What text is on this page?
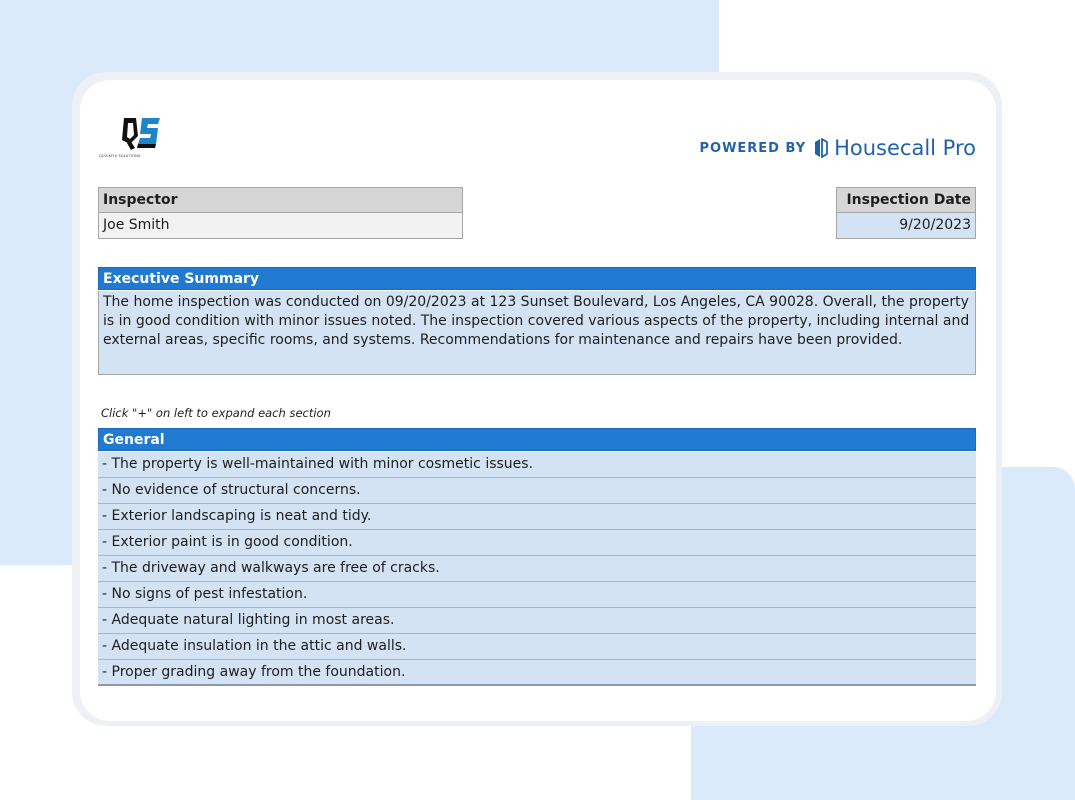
QUICKFIX SOLUTIONS
POWERED BY Housecall Pro
Inspector
Joe Smith
Inspection Date
9/20/2023
Executive Summary
The home inspection was conducted on 09/20/2023 at 123 Sunset Boulevard, Los Angeles, CA 90028. Overall, the property is in good condition with minor issues noted. The inspection covered various aspects of the property, including internal and external areas, specific rooms, and systems. Recommendations for maintenance and repairs have been provided.
Click "+" on left to expand each section
General
- The property is well-maintained with minor cosmetic issues.
- No evidence of structural concerns.
- Exterior landscaping is neat and tidy.
- Exterior paint is in good condition.
- The driveway and walkways are free of cracks.
- No signs of pest infestation.
- Adequate natural lighting in most areas.
- Adequate insulation in the attic and walls.
- Proper grading away from the foundation.
